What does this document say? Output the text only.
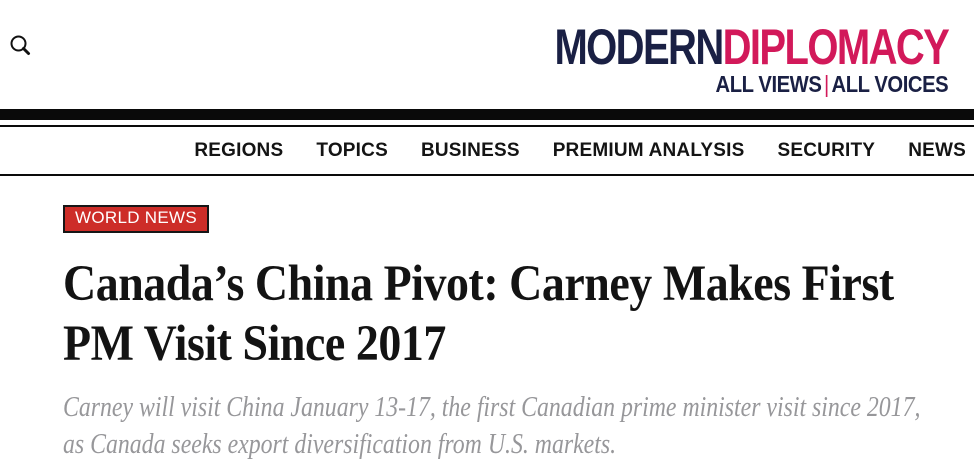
MODERNDIPLOMACY
ALL VIEWS | ALL VOICES
REGIONS TOPICS BUSINESS PREMIUM ANALYSIS SECURITY NEWS
WORLD NEWS
Canada’s China Pivot: Carney Makes First
PM Visit Since 2017

Carney will visit China January 13-17, the first Canadian prime minister visit since 2017,
as Canada seeks export diversification from U.S. markets.
